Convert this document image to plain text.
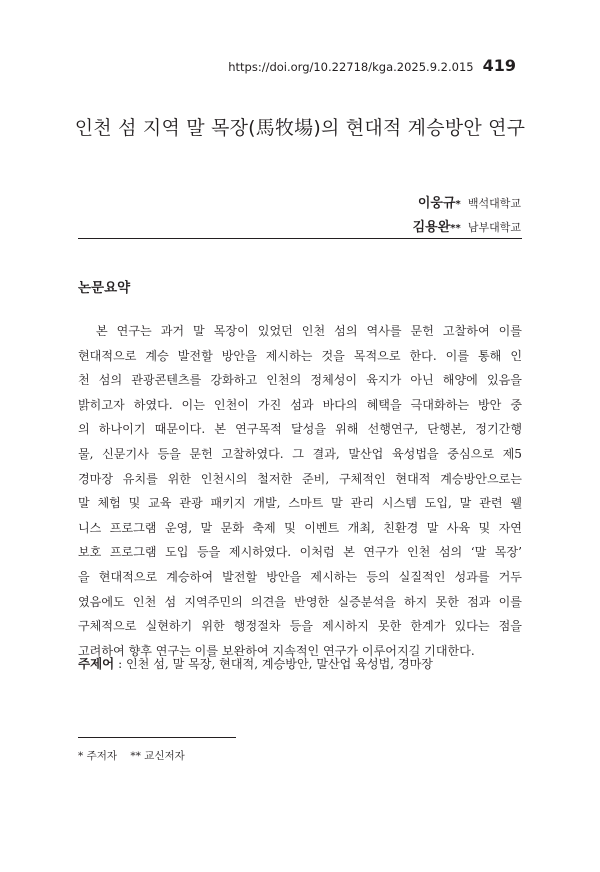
https://doi.org/10.22718/kga.2025.9.2.015 419
인천 섬 지역 말 목장(馬牧場)의 현대적 계승방안 연구
이웅규* 백석대학교
김용완** 남부대학교
논문요약
본 연구는 과거 말 목장이 있었던 인천 섬의 역사를 문헌 고찰하여 이를
현대적으로 계승 발전할 방안을 제시하는 것을 목적으로 한다. 이를 통해 인
천 섬의 관광콘텐츠를 강화하고 인천의 정체성이 육지가 아닌 해양에 있음을
밝히고자 하였다. 이는 인천이 가진 섬과 바다의 혜택을 극대화하는 방안 중
의 하나이기 때문이다. 본 연구목적 달성을 위해 선행연구, 단행본, 정기간행
물, 신문기사 등을 문헌 고찰하였다. 그 결과, 말산업 육성법을 중심으로 제5
경마장 유치를 위한 인천시의 철저한 준비, 구체적인 현대적 계승방안으로는
말 체험 및 교육 관광 패키지 개발, 스마트 말 관리 시스템 도입, 말 관련 웰
니스 프로그램 운영, 말 문화 축제 및 이벤트 개최, 친환경 말 사육 및 자연
보호 프로그램 도입 등을 제시하였다. 이처럼 본 연구가 인천 섬의 ‘말 목장’
을 현대적으로 계승하여 발전할 방안을 제시하는 등의 실질적인 성과를 거두
였음에도 인천 섬 지역주민의 의견을 반영한 실증분석을 하지 못한 점과 이를
구체적으로 실현하기 위한 행정절차 등을 제시하지 못한 한계가 있다는 점을
고려하여 향후 연구는 이를 보완하여 지속적인 연구가 이루어지길 기대한다.
주제어 : 인천 섬, 말 목장, 현대적, 계승방안, 말산업 육성법, 경마장
* 주저자 ** 교신저자
